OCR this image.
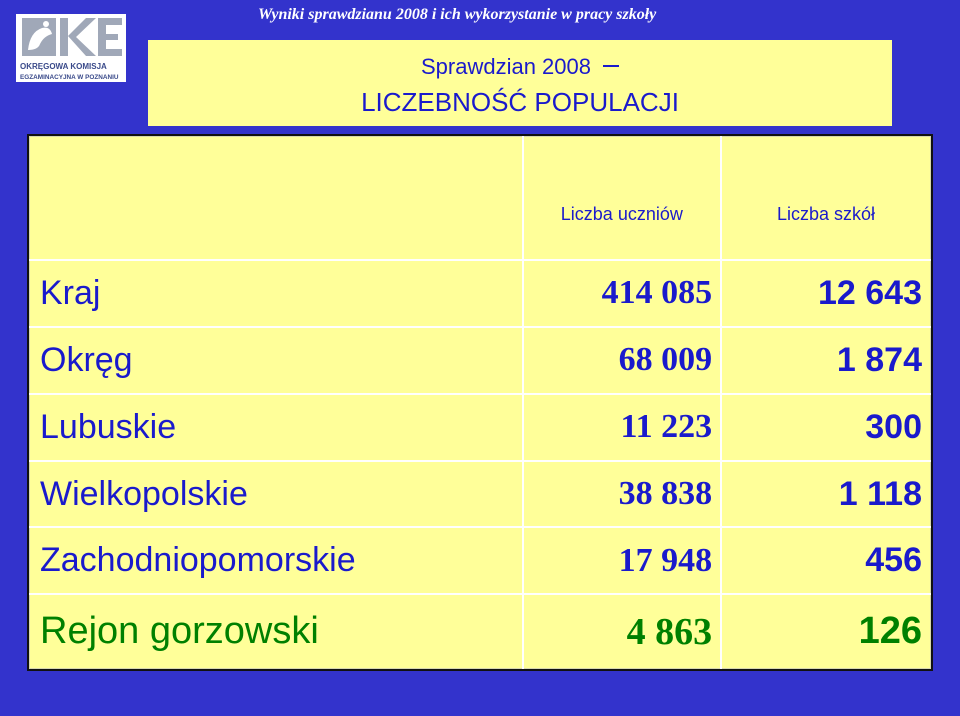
OKRĘGOWA KOMISJA
EGZAMINACYJNA W POZNANIU
Wyniki sprawdzianu 2008 i ich wykorzystanie w pracy szkoły
Sprawdzian 2008
LICZEBNOŚĆ POPULACJI
	Liczba uczniów	Liczba szkół
Kraj	414 085	12 643
Okręg	68 009	1 874
Lubuskie	11 223	300
Wielkopolskie	38 838	1 118
Zachodniopomorskie	17 948	456
Rejon gorzowski	4 863	126
